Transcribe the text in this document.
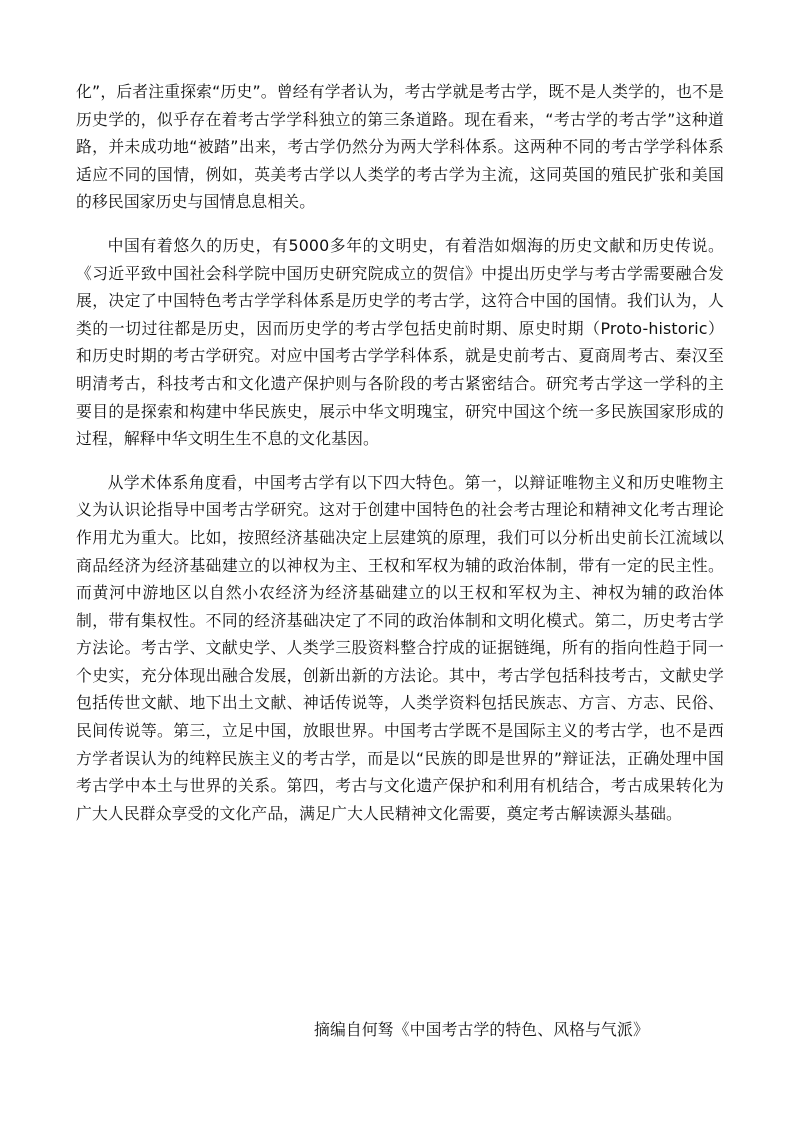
化”，后者注重探索“历史”。曾经有学者认为，考古学就是考古学，既不是人类学的，也不是历史学的，似乎存在着考古学学科独立的第三条道路。现在看来，“考古学的考古学”这种道路，并未成功地“被踏”出来，考古学仍然分为两大学科体系。这两种不同的考古学学科体系适应不同的国情，例如，英美考古学以人类学的考古学为主流，这同英国的殖民扩张和美国的移民国家历史与国情息息相关。

中国有着悠久的历史，有5000多年的文明史，有着浩如烟海的历史文献和历史传说。《习近平致中国社会科学院中国历史研究院成立的贺信》中提出历史学与考古学需要融合发展，决定了中国特色考古学学科体系是历史学的考古学，这符合中国的国情。我们认为，人类的一切过往都是历史，因而历史学的考古学包括史前时期、原史时期（Proto-historic）和历史时期的考古学研究。对应中国考古学学科体系，就是史前考古、夏商周考古、秦汉至明清考古，科技考古和文化遗产保护则与各阶段的考古紧密结合。研究考古学这一学科的主要目的是探索和构建中华民族史，展示中华文明瑰宝，研究中国这个统一多民族国家形成的过程，解释中华文明生生不息的文化基因。

从学术体系角度看，中国考古学有以下四大特色。第一，以辩证唯物主义和历史唯物主义为认识论指导中国考古学研究。这对于创建中国特色的社会考古理论和精神文化考古理论作用尤为重大。比如，按照经济基础决定上层建筑的原理，我们可以分析出史前长江流域以商品经济为经济基础建立的以神权为主、王权和军权为辅的政治体制，带有一定的民主性。而黄河中游地区以自然小农经济为经济基础建立的以王权和军权为主、神权为辅的政治体制，带有集权性。不同的经济基础决定了不同的政治体制和文明化模式。第二，历史考古学方法论。考古学、文献史学、人类学三股资料整合拧成的证据链绳，所有的指向性趋于同一个史实，充分体现出融合发展，创新出新的方法论。其中，考古学包括科技考古，文献史学包括传世文献、地下出土文献、神话传说等，人类学资料包括民族志、方言、方志、民俗、民间传说等。第三，立足中国，放眼世界。中国考古学既不是国际主义的考古学，也不是西方学者误认为的纯粹民族主义的考古学，而是以“民族的即是世界的”辩证法，正确处理中国考古学中本土与世界的关系。第四，考古与文化遗产保护和利用有机结合，考古成果转化为广大人民群众享受的文化产品，满足广大人民精神文化需要，奠定考古解读源头基础。

摘编自何驽《中国考古学的特色、风格与气派》
